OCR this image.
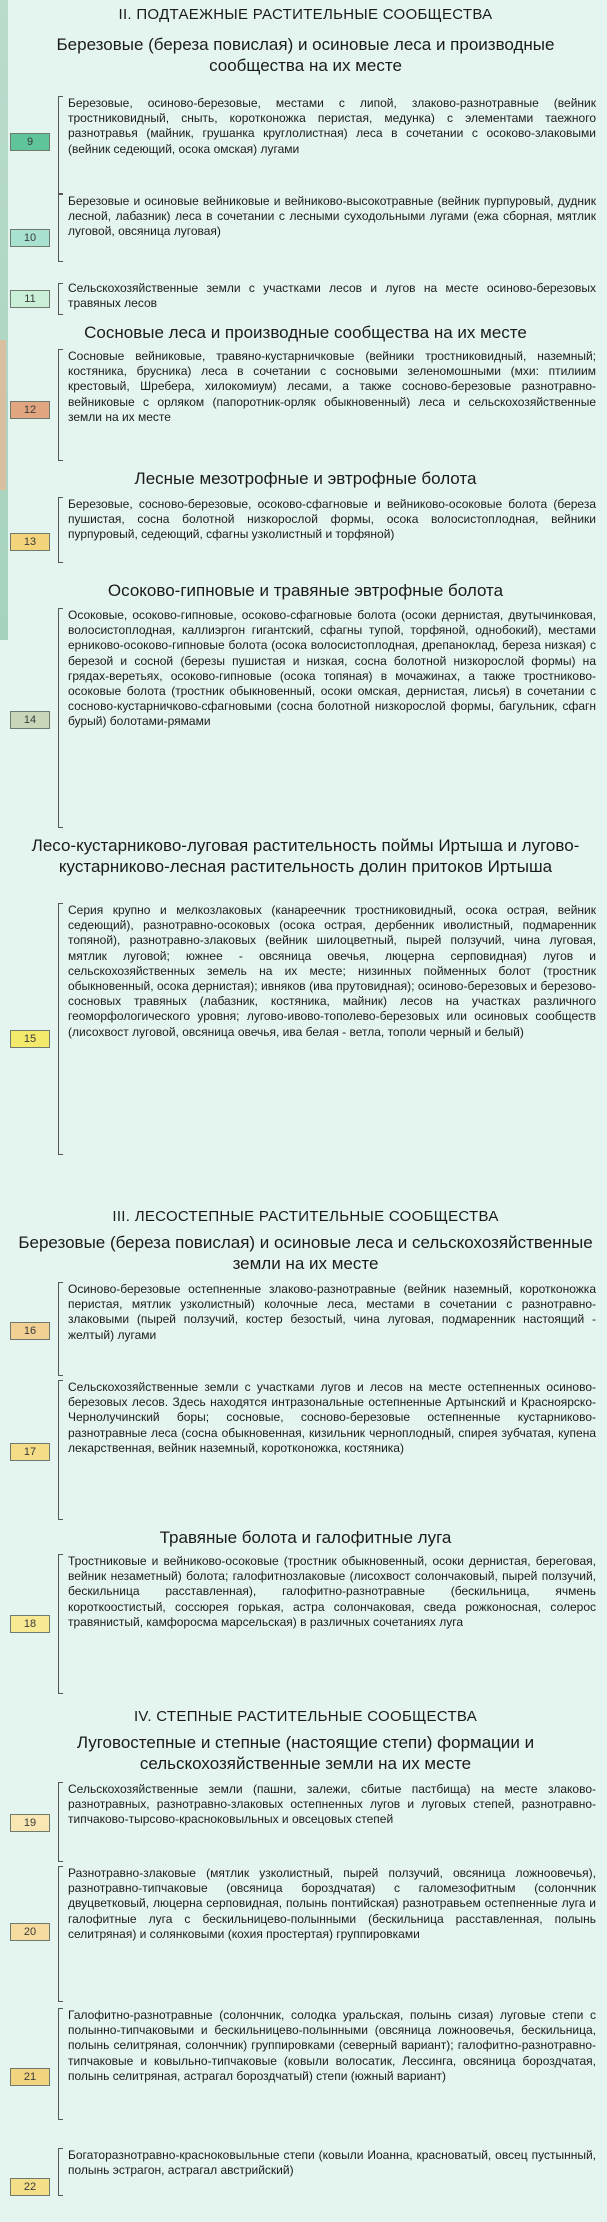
II. ПОДТАЕЖНЫЕ РАСТИТЕЛЬНЫЕ СООБЩЕСТВА
Березовые (береза повислая) и осиновые леса и производные сообщества на их месте
9
Березовые, осиново-березовые, местами с липой, злаково-разнотравные (вейник тростниковидный, сныть, коротконожка перистая, медунка) с элементами таежного разнотравья (майник, грушанка круглолистная) леса в сочетании с осоково-злаковыми (вейник седеющий, осока омская) лугами
10
Березовые и осиновые вейниковые и вейниково-высокотравные (вейник пурпуровый, дудник лесной, лабазник) леса в сочетании с лесными суходольными лугами (ежа сборная, мятлик луговой, овсяница луговая)
11
Сельскохозяйственные земли с участками лесов и лугов на месте осиново-березовых травяных лесов
Сосновые леса и производные сообщества на их месте
12
Сосновые вейниковые, травяно-кустарничковые (вейники тростниковидный, наземный; костяника, брусника) леса в сочетании с сосновыми зеленомошными (мхи: птилиим крестовый, Шребера, хилокомиум) лесами, а также сосново-березовые разнотравно-вейниковые с орляком (папоротник-орляк обыкновенный) леса и сельскохозяйственные земли на их месте
Лесные мезотрофные и эвтрофные болота
13
Березовые, сосново-березовые, осоково-сфагновые и вейниково-осоковые болота (береза пушистая, сосна болотной низкорослой формы, осока волосистоплодная, вейники пурпуровый, седеющий, сфагны узколистный и торфяной)
Осоково-гипновые и травяные эвтрофные болота
14
Осоковые, осоково-гипновые, осоково-сфагновые болота (осоки дернистая, двутычинковая, волосистоплодная, каллиэргон гигантский, сфагны тупой, торфяной, однобокий), местами ерниково-осоково-гипновые болота (осока волосистоплодная, дрепаноклад, береза низкая) с березой и сосной (березы пушистая и низкая, сосна болотной низкорослой формы) на грядах-веретьях, осоково-гипновые (осока топяная) в мочажинах, а также тростниково-осоковые болота (тростник обыкновенный, осоки омская, дернистая, лисья) в сочетании с сосново-кустарничково-сфагновыми (сосна болотной низкорослой формы, багульник, сфагн бурый) болотами-рямами
Лесо-кустарниково-луговая растительность поймы Иртыша и лугово-кустарниково-лесная растительность долин притоков Иртыша
15
Серия крупно и мелкозлаковых (канареечник тростниковидный, осока острая, вейник седеющий), разнотравно-осоковых (осока острая, дербенник иволистный, подмаренник топяной), разнотравно-злаковых (вейник шилоцветный, пырей ползучий, чина луговая, мятлик луговой; южнее - овсяница овечья, люцерна серповидная) лугов и сельскохозяйственных земель на их месте; низинных пойменных болот (тростник обыкновенный, осока дернистая); ивняков (ива прутовидная); осиново-березовых и березово-сосновых травяных (лабазник, костяника, майник) лесов на участках различного геоморфологического уровня; лугово-ивово-тополево-березовых или осиновых сообществ (лисохвост луговой, овсяница овечья, ива белая - ветла, тополи черный и белый)
III. ЛЕСОСТЕПНЫЕ РАСТИТЕЛЬНЫЕ СООБЩЕСТВА
Березовые (береза повислая) и осиновые леса и сельскохозяйственные земли на их месте
16
Осиново-березовые остепненные злаково-разнотравные (вейник наземный, коротконожка перистая, мятлик узколистный) колочные леса, местами в сочетании с разнотравно-злаковыми (пырей ползучий, костер безостый, чина луговая, подмаренник настоящий - желтый) лугами
17
Сельскохозяйственные земли с участками лугов и лесов на месте остепненных осиново-березовых лесов. Здесь находятся интразональные остепненные Артынский и Красноярско-Чернолучинский боры; сосновые, сосново-березовые остепненные кустарниково-разнотравные леса (сосна обыкновенная, кизильник черноплодный, спирея зубчатая, купена лекарственная, вейник наземный, коротконожка, костяника)
Травяные болота и галофитные луга
18
Тростниковые и вейниково-осоковые (тростник обыкновенный, осоки дернистая, береговая, вейник незаметный) болота; галофитнозлаковые (лисохвост солончаковый, пырей ползучий, бескильница расставленная), галофитно-разнотравные (бескильница, ячмень короткоостистый, соссюрея горькая, астра солончаковая, сведа рожконосная, солерос травянистый, камфоросма марсельская) в различных сочетаниях луга
IV. СТЕПНЫЕ РАСТИТЕЛЬНЫЕ СООБЩЕСТВА
Луговостепные и степные (настоящие степи) формации и сельскохозяйственные земли на их месте
19
Сельскохозяйственные земли (пашни, залежи, сбитые пастбища) на месте злаково-разнотравных, разнотравно-злаковых остепненных лугов и луговых степей, разнотравно-типчаково-тырсово-красноковыльных и овсецовых степей
20
Разнотравно-злаковые (мятлик узколистный, пырей ползучий, овсяница ложноовечья), разнотравно-типчаковые (овсяница бороздчатая) с галомезофитным (солончник двуцветковый, люцерна серповидная, полынь понтийская) разнотравьем остепненные луга и галофитные луга с бескильницево-полынными (бескильница расставленная, полынь селитряная) и солянковыми (кохия простертая) группировками
21
Галофитно-разнотравные (солончник, солодка уральская, полынь сизая) луговые степи с полынно-типчаковыми и бескильницево-полынными (овсяница ложноовечья, бескильница, полынь селитряная, солончник) группировками (северный вариант); галофитно-разнотравно-типчаковые и ковыльно-типчаковые (ковыли волосатик, Лессинга, овсяница бороздчатая, полынь селитряная, астрагал бороздчатый) степи (южный вариант)
22
Богаторазнотравно-красноковыльные степи (ковыли Иоанна, красноватый, овсец пустынный, полынь эстрагон, астрагал австрийский)
